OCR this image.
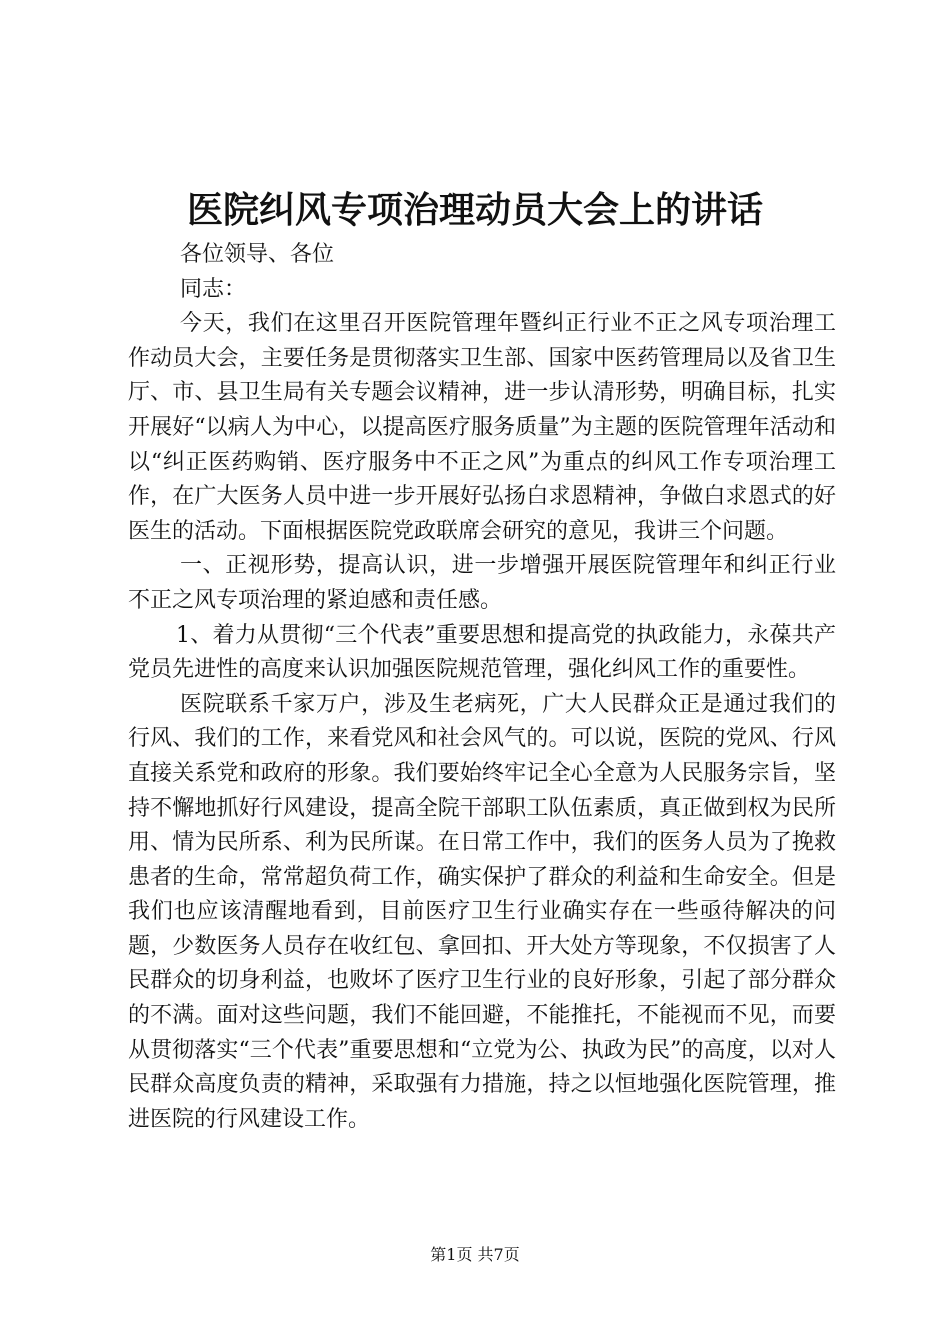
医院纠风专项治理动员大会上的讲话

各位领导、各位

同志：

今天，我们在这里召开医院管理年暨纠正行业不正之风专项治理工作动员大会，主要任务是贯彻落实卫生部、国家中医药管理局以及省卫生厅、市、县卫生局有关专题会议精神，进一步认清形势，明确目标，扎实开展好“以病人为中心，以提高医疗服务质量”为主题的医院管理年活动和以“纠正医药购销、医疗服务中不正之风”为重点的纠风工作专项治理工作，在广大医务人员中进一步开展好弘扬白求恩精神，争做白求恩式的好医生的活动。下面根据医院党政联席会研究的意见，我讲三个问题。

一、正视形势，提高认识，进一步增强开展医院管理年和纠正行业不正之风专项治理的紧迫感和责任感。

1、着力从贯彻“三个代表”重要思想和提高党的执政能力，永葆共产党员先进性的高度来认识加强医院规范管理，强化纠风工作的重要性。

医院联系千家万户，涉及生老病死，广大人民群众正是通过我们的行风、我们的工作，来看党风和社会风气的。可以说，医院的党风、行风直接关系党和政府的形象。我们要始终牢记全心全意为人民服务宗旨，坚持不懈地抓好行风建设，提高全院干部职工队伍素质，真正做到权为民所用、情为民所系、利为民所谋。在日常工作中，我们的医务人员为了挽救患者的生命，常常超负荷工作，确实保护了群众的利益和生命安全。但是我们也应该清醒地看到，目前医疗卫生行业确实存在一些亟待解决的问题，少数医务人员存在收红包、拿回扣、开大处方等现象，不仅损害了人民群众的切身利益，也败坏了医疗卫生行业的良好形象，引起了部分群众的不满。面对这些问题，我们不能回避，不能推托，不能视而不见，而要从贯彻落实“三个代表”重要思想和“立党为公、执政为民”的高度，以对人民群众高度负责的精神，采取强有力措施，持之以恒地强化医院管理，推进医院的行风建设工作。

第1页 共7页
